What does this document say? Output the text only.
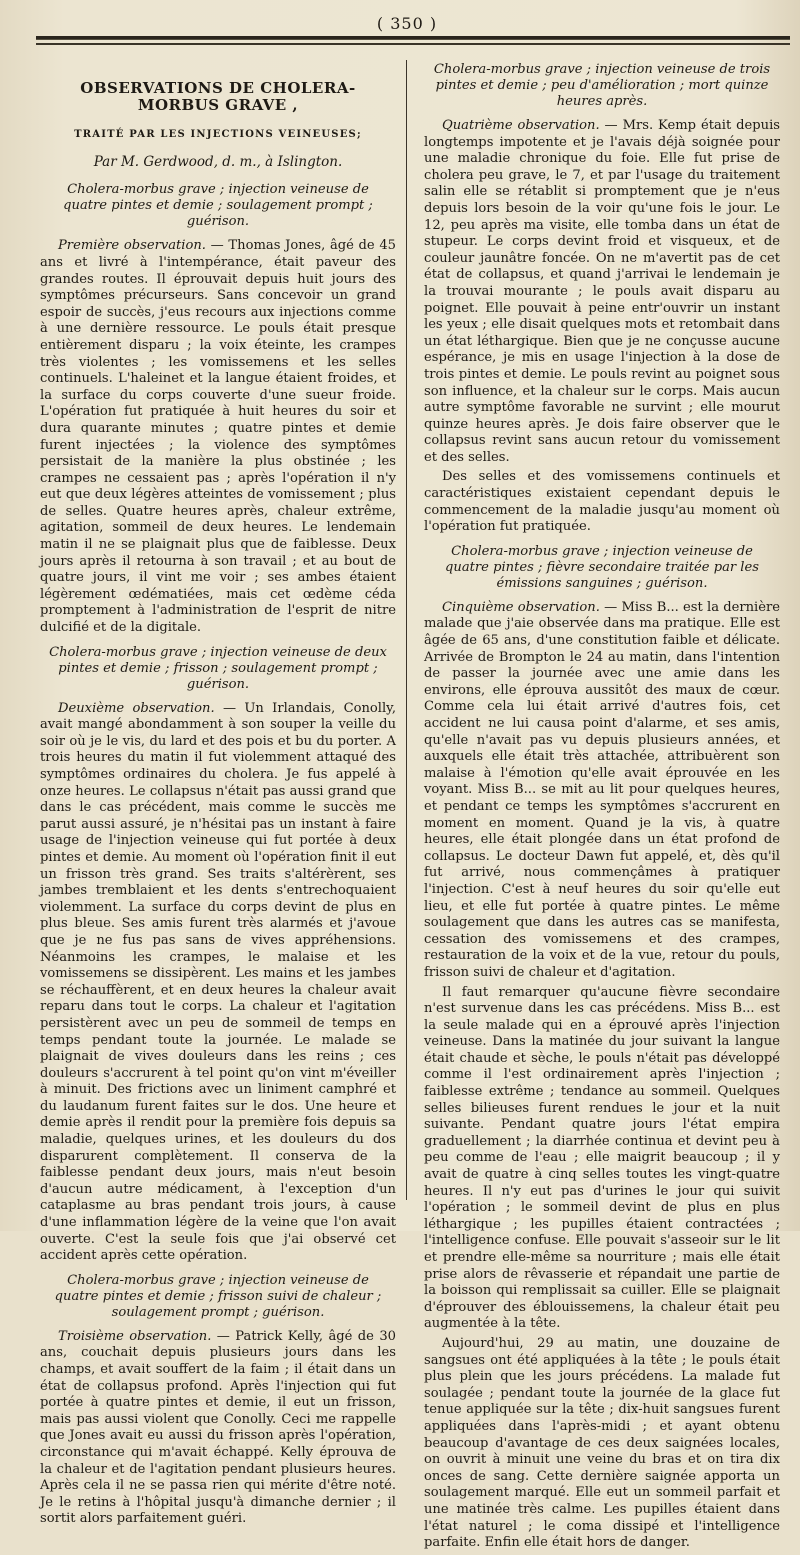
( 350 )
OBSERVATIONS DE CHOLERA-MORBUS GRAVE ,
TRAITÉ PAR LES INJECTIONS VEINEUSES;
Par M. Gerdwood, d. m., à Islington.
Cholera-morbus grave ; injection veineuse de quatre pintes et demie ; soulagement prompt ; guérison.

Première observation. — Thomas Jones, âgé de 45 ans et livré à l'intempérance, était paveur des grandes routes. Il éprouvait depuis huit jours des symptômes précurseurs. Sans concevoir un grand espoir de succès, j'eus recours aux injections comme à une dernière ressource. Le pouls était presque entièrement disparu ; la voix éteinte, les crampes très violentes ; les vomissemens et les selles continuels. L'haleinet et la langue étaient froides, et la surface du corps couverte d'une sueur froide. L'opération fut pratiquée à huit heures du soir et dura quarante minutes ; quatre pintes et demie furent injectées ; la violence des symptômes persistait de la manière la plus obstinée ; les crampes ne cessaient pas ; après l'opération il n'y eut que deux légères atteintes de vomissement ; plus de selles. Quatre heures après, chaleur extrême, agitation, sommeil de deux heures. Le lendemain matin il ne se plaignait plus que de faiblesse. Deux jours après il retourna à son travail ; et au bout de quatre jours, il vint me voir ; ses ambes étaient légèrement œdématiées, mais cet œdème céda promptement à l'administration de l'esprit de nitre dulcifié et de la digitale.

Cholera-morbus grave ; injection veineuse de deux pintes et demie ; frisson ; soulagement prompt ; guérison.

Deuxième observation. — Un Irlandais, Conolly, avait mangé abondamment à son souper la veille du soir où je le vis, du lard et des pois et bu du porter. A trois heures du matin il fut violemment attaqué des symptômes ordinaires du cholera. Je fus appelé à onze heures. Le collapsus n'était pas aussi grand que dans le cas précédent, mais comme le succès me parut aussi assuré, je n'hésitai pas un instant à faire usage de l'injection veineuse qui fut portée à deux pintes et demie. Au moment où l'opération finit il eut un frisson très grand. Ses traits s'altérèrent, ses jambes tremblaient et les dents s'entrechoquaient violemment. La surface du corps devint de plus en plus bleue. Ses amis furent très alarmés et j'avoue que je ne fus pas sans de vives appréhensions. Néanmoins les crampes, le malaise et les vomissemens se dissipèrent. Les mains et les jambes se réchauffèrent, et en deux heures la chaleur avait reparu dans tout le corps. La chaleur et l'agitation persistèrent avec un peu de sommeil de temps en temps pendant toute la journée. Le malade se plaignait de vives douleurs dans les reins ; ces douleurs s'accrurent à tel point qu'on vint m'éveiller à minuit. Des frictions avec un liniment camphré et du laudanum furent faites sur le dos. Une heure et demie après il rendit pour la première fois depuis sa maladie, quelques urines, et les douleurs du dos disparurent complètement. Il conserva de la faiblesse pendant deux jours, mais n'eut besoin d'aucun autre médicament, à l'exception d'un cataplasme au bras pendant trois jours, à cause d'une inflammation légère de la veine que l'on avait ouverte. C'est la seule fois que j'ai observé cet accident après cette opération.

Cholera-morbus grave ; injection veineuse de quatre pintes et demie ; frisson suivi de chaleur ; soulagement prompt ; guérison.

Troisième observation. — Patrick Kelly, âgé de 30 ans, couchait depuis plusieurs jours dans les champs, et avait souffert de la faim ; il était dans un état de collapsus profond. Après l'injection qui fut portée à quatre pintes et demie, il eut un frisson, mais pas aussi violent que Conolly. Ceci me rappelle que Jones avait eu aussi du frisson après l'opération, circonstance qui m'avait échappé. Kelly éprouva de la chaleur et de l'agitation pendant plusieurs heures. Après cela il ne se passa rien qui mérite d'être noté. Je le retins à l'hôpital jusqu'à dimanche dernier ; il sortit alors parfaitement guéri.

Cholera-morbus grave ; injection veineuse de trois pintes et demie ; peu d'amélioration ; mort quinze heures après.

Quatrième observation. — Mrs. Kemp était depuis longtemps impotente et je l'avais déjà soignée pour une maladie chronique du foie. Elle fut prise de cholera peu grave, le 7, et par l'usage du traitement salin elle se rétablit si promptement que je n'eus depuis lors besoin de la voir qu'une fois le jour. Le 12, peu après ma visite, elle tomba dans un état de stupeur. Le corps devint froid et visqueux, et de couleur jaunâtre foncée. On ne m'avertit pas de cet état de collapsus, et quand j'arrivai le lendemain je la trouvai mourante ; le pouls avait disparu au poignet. Elle pouvait à peine entr'ouvrir un instant les yeux ; elle disait quelques mots et retombait dans un état léthargique. Bien que je ne conçusse aucune espérance, je mis en usage l'injection à la dose de trois pintes et demie. Le pouls revint au poignet sous son influence, et la chaleur sur le corps. Mais aucun autre symptôme favorable ne survint ; elle mourut quinze heures après. Je dois faire observer que le collapsus revint sans aucun retour du vomissement et des selles.

Des selles et des vomissemens continuels et caractéristiques existaient cependant depuis le commencement de la maladie jusqu'au moment où l'opération fut pratiquée.

Cholera-morbus grave ; injection veineuse de quatre pintes ; fièvre secondaire traitée par les émissions sanguines ; guérison.

Cinquième observation. — Miss B... est la dernière malade que j'aie observée dans ma pratique. Elle est âgée de 65 ans, d'une constitution faible et délicate. Arrivée de Brompton le 24 au matin, dans l'intention de passer la journée avec une amie dans les environs, elle éprouva aussitôt des maux de cœur. Comme cela lui était arrivé d'autres fois, cet accident ne lui causa point d'alarme, et ses amis, qu'elle n'avait pas vu depuis plusieurs années, et auxquels elle était très attachée, attribuèrent son malaise à l'émotion qu'elle avait éprouvée en les voyant. Miss B... se mit au lit pour quelques heures, et pendant ce temps les symptômes s'accrurent en moment en moment. Quand je la vis, à quatre heures, elle était plongée dans un état profond de collapsus. Le docteur Dawn fut appelé, et, dès qu'il fut arrivé, nous commençâmes à pratiquer l'injection. C'est à neuf heures du soir qu'elle eut lieu, et elle fut portée à quatre pintes. Le même soulagement que dans les autres cas se manifesta, cessation des vomissemens et des crampes, restauration de la voix et de la vue, retour du pouls, frisson suivi de chaleur et d'agitation.

Il faut remarquer qu'aucune fièvre secondaire n'est survenue dans les cas précédens. Miss B... est la seule malade qui en a éprouvé après l'injection veineuse. Dans la matinée du jour suivant la langue était chaude et sèche, le pouls n'était pas développé comme il l'est ordinairement après l'injection ; faiblesse extrême ; tendance au sommeil. Quelques selles bilieuses furent rendues le jour et la nuit suivante. Pendant quatre jours l'état empira graduellement ; la diarrhée continua et devint peu à peu comme de l'eau ; elle maigrit beaucoup ; il y avait de quatre à cinq selles toutes les vingt-quatre heures. Il n'y eut pas d'urines le jour qui suivit l'opération ; le sommeil devint de plus en plus léthargique ; les pupilles étaient contractées ; l'intelligence confuse. Elle pouvait s'asseoir sur le lit et prendre elle-même sa nourriture ; mais elle était prise alors de rêvasserie et répandait une partie de la boisson qui remplissait sa cuiller. Elle se plaignait d'éprouver des éblouissemens, la chaleur était peu augmentée à la tête.

Aujourd'hui, 29 au matin, une douzaine de sangsues ont été appliquées à la tête ; le pouls était plus plein que les jours précédens. La malade fut soulagée ; pendant toute la journée de la glace fut tenue appliquée sur la tête ; dix-huit sangsues furent appliquées dans l'après-midi ; et ayant obtenu beaucoup d'avantage de ces deux saignées locales, on ouvrit à minuit une veine du bras et on tira dix onces de sang. Cette dernière saignée apporta un soulagement marqué. Elle eut un sommeil parfait et une matinée très calme. Les pupilles étaient dans l'état naturel ; le coma dissipé et l'intelligence parfaite. Enfin elle était hors de danger.
